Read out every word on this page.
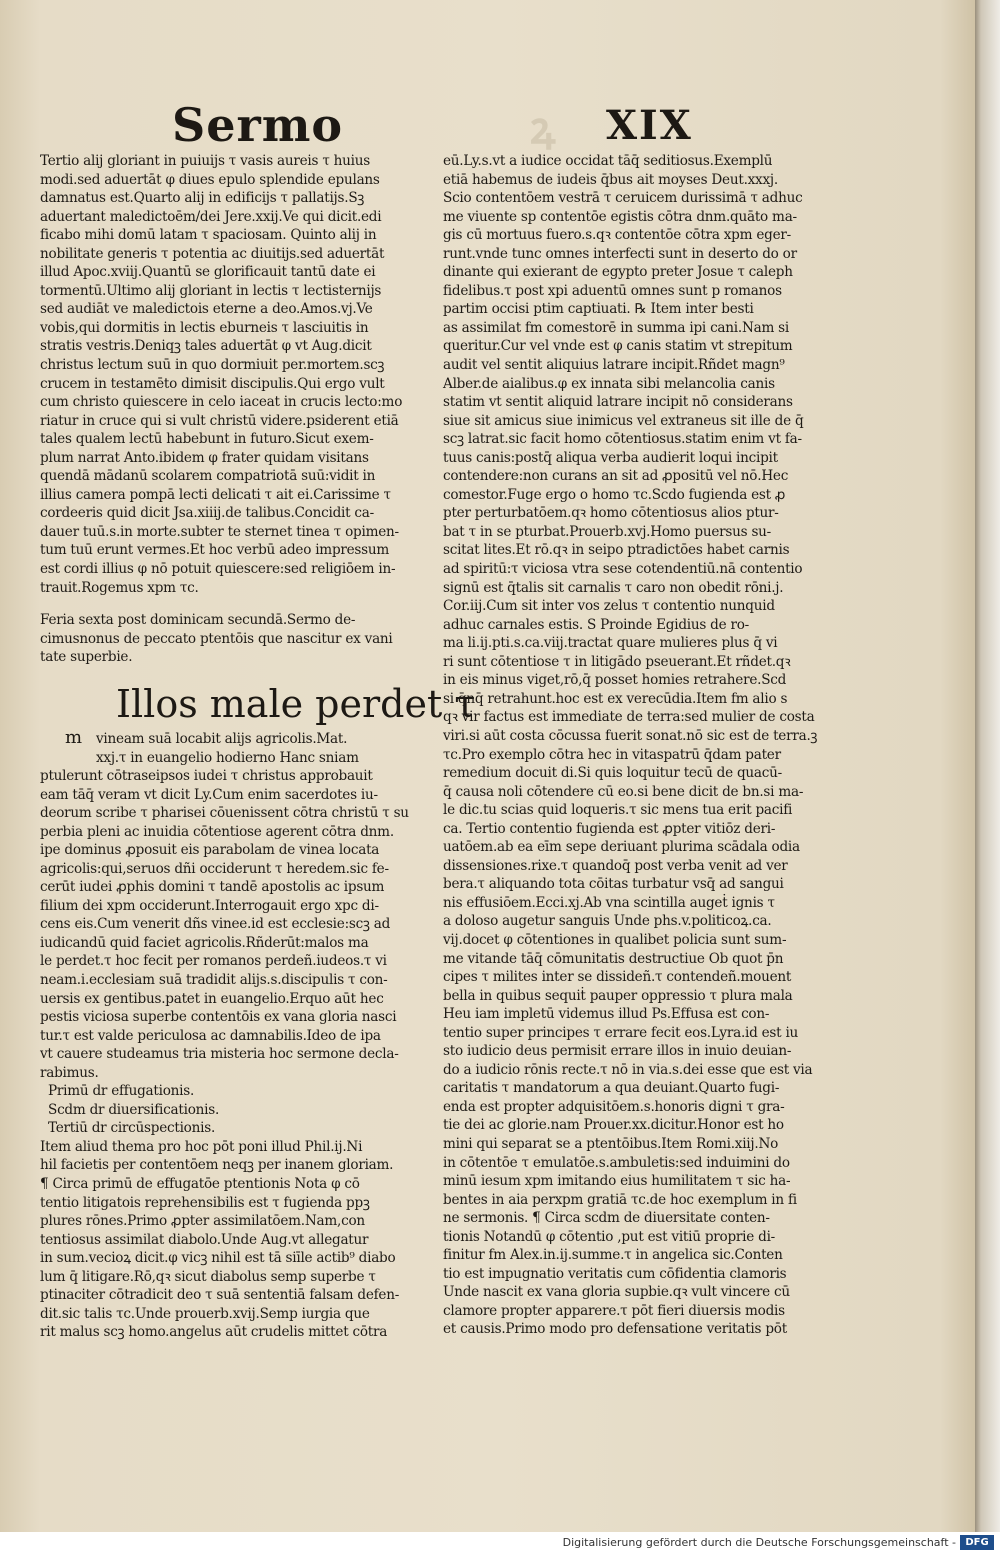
ꝝ
Sermo	XIX

Tertio alij gloriant in puiuijs τ vasis aureis τ huius

modi.sed aduertāt φ diues epulo splendide epulans

damnatus est.Quarto alij in edificijs τ pallatijs.Sꝫ

aduertant maledictoēm/dei Jere.xxij.Ve qui dicit.edi

ficabo mihi domū latam τ spaciosam. Quinto alij in

nobilitate generis τ potentia ac diuitijs.sed aduertāt

illud Apoc.xviij.Quantū se glorificauit tantū date ei

tormentū.Ultimo alij gloriant in lectis τ lectisternijs

sed audiāt ve maledictois eterne a deo.Amos.vj.Ve

vobis,qui dormitis in lectis eburneis τ lasciuitis in

stratis vestris.Deniqꝫ tales aduertāt φ vt Aug.dicit

christus lectum suū in quo dormiuit per.mortem.scꝫ

crucem in testamēto dimisit discipulis.Qui ergo vult

cum christo quiescere in celo iaceat in crucis lecto:mo

riatur in cruce qui si vult christū videre.psiderent etiā

tales qualem lectū habebunt in futuro.Sicut exem-

plum narrat Anto.ibidem φ frater quidam visitans

quendā mādanū scolarem compatriotā suū:vidit in

illius camera pompā lecti delicati τ ait ei.Carissime τ

cordeeris quid dicit Jsa.xiiij.de talibus.Concidit ca-

dauer tuū.s.in morte.subter te sternet tinea τ opimen-

tum tuū erunt vermes.Et hoc verbū adeo impressum

est cordi illius φ nō potuit quiescere:sed religiōem in-

trauit.Rogemus xpm τc.

Feria sexta post dominicam secundā.Sermo de-

cimusnonus de peccato ptentōis que nascitur ex vani

tate superbie.

Illos male perdet τ
m vineam suā locabit alijs agricolis.Mat.

xxj.τ in euangelio hodierno Hanc sniam

ptulerunt cōtraseipsos iudei τ christus approbauit

eam tāq̄ veram vt dicit Ly.Cum enim sacerdotes iu-

deorum scribe τ pharisei cōuenissent cōtra christū τ su

perbia pleni ac inuidia cōtentiose agerent cōtra dnm.

ipe dominus ꝓposuit eis parabolam de vinea locata

agricolis:qui,seruos dñi occiderunt τ heredem.sic fe-

cerūt iudei ꝓphis domini τ tandē apostolis ac ipsum

filium dei xpm occiderunt.Interrogauit ergo xpc di-

cens eis.Cum venerit dñs vinee.id est ecclesie:scꝫ ad

iudicandū quid faciet agricolis.Rñderūt:malos ma

le perdet.τ hoc fecit per romanos perdeñ.iudeos.τ vi

neam.i.ecclesiam suā tradidit alijs.s.discipulis τ con-

uersis ex gentibus.patet in euangelio.Erquo aūt hec

pestis viciosa superbe contentōis ex vana gloria nasci

tur.τ est valde periculosa ac damnabilis.Ideo de ipa

vt cauere studeamus tria misteria hoc sermone decla-

rabimus.

Primū dr effugationis.

Scdm dr diuersificationis.

Tertiū dr circūspectionis.

Item aliud thema pro hoc pōt poni illud Phil.ij.Ni

hil facietis per contentōem neqꝫ per inanem gloriam.

¶ Circa primū de effugatōe ptentionis Nota φ cō

tentio litigatois reprehensibilis est τ fugienda ppꝫ

plures rōnes.Primo ꝓpter assimilatōem.Nam,con

tentiosus assimilat diabolo.Unde Aug.vt allegatur

in sum.vecioꝝ dicit.φ vicꝫ nihil est tā siīle actib⁹ diabo

lum q̄ litigare.Rō,qꝛ sicut diabolus semp superbe τ

ptinaciter cōtradicit deo τ suā sententiā falsam defen-

dit.sic talis τc.Unde prouerb.xvij.Semp iurgia que

rit malus scꝫ homo.angelus aūt crudelis mittet cōtra

eū.Ly.s.vt a iudice occidat tāq̄ seditiosus.Exemplū

etiā habemus de iudeis q̄bus ait moyses Deut.xxxj.

Scio contentōem vestrā τ ceruicem durissimā τ adhuc

me viuente sp contentōe egistis cōtra dnm.quāto ma-

gis cū mortuus fuero.s.qꝛ contentōe cōtra xpm eger-

runt.vnde tunc omnes interfecti sunt in deserto do or

dinante qui exierant de egypto preter Josue τ caleph

fidelibus.τ post xpi aduentū omnes sunt p romanos

partim occisi ptim captiuati. ℞ Item inter besti

as assimilat fm comestorē in summa ipi cani.Nam si

queritur.Cur vel vnde est φ canis statim vt strepitum

audit vel sentit aliquius latrare incipit.Rñdet magn⁹

Alber.de aialibus.φ ex innata sibi melancolia canis

statim vt sentit aliquid latrare incipit nō considerans

siue sit amicus siue inimicus vel extraneus sit ille de q̄

scꝫ latrat.sic facit homo cōtentiosus.statim enim vt fa-

tuus canis:postq̄ aliqua verba audierit loqui incipit

contendere:non curans an sit ad ꝓpositū vel nō.Hec

comestor.Fuge ergo o homo τc.Scdo fugienda est ꝓ

pter perturbatōem.qꝛ homo cōtentiosus alios ptur-

bat τ in se pturbat.Prouerb.xvj.Homo puersus su-

scitat lites.Et rō.qꝛ in seipo ptradictōes habet carnis

ad spiritū:τ viciosa vtra sese cotendentiū.nā contentio

signū est q̄talis sit carnalis τ caro non obedit rōni.j.

Cor.iij.Cum sit inter vos zelus τ contentio nunquid

adhuc carnales estis. S Proinde Egidius de ro-

ma li.ij.pti.s.ca.viij.tractat quare mulieres plus q̄ vi

ri sunt cōtentiose τ in litigādo pseuerant.Et rñdet.qꝛ

in eis minus viget,rō,q̄ posset homies retrahere.Scd

si q̄nq̄ retrahunt.hoc est ex verecūdia.Item fm alio s

qꝛ vir factus est immediate de terra:sed mulier de costa

viri.si aūt costa cōcussa fuerit sonat.nō sic est de terra.ꝫ

τc.Pro exemplo cōtra hec in vitaspatrū q̄dam pater

remedium docuit di.Si quis loquitur tecū de quacū-

q̄ causa noli cōtendere cū eo.si bene dicit de bn.si ma-

le dic.tu scias quid loqueris.τ sic mens tua erit pacifi

ca. Tertio contentio fugienda est ꝓpter vitiōz deri-

uatōem.ab ea eīm sepe deriuant plurima scādala odia

dissensiones.rixe.τ quandoq̄ post verba venit ad ver

bera.τ aliquando tota cōitas turbatur vsq̄ ad sangui

nis effusiōem.Ecci.xj.Ab vna scintilla augeṫ ignis τ

a doloso augetur sanguis Unde phs.v.politicoꝝ.ca.

vij.docet φ cōtentiones in qualibet policia sunt sum-

me vitande tāq̄ cōmunitatis destructiue Ob quot p̄n

cipes τ milites inter se dissideñ.τ contendeñ.mouent

bella in quibus sequiṫ pauper oppressio τ plura mala

Heu iam impletū videmus illud Ps.Effusa est con-

tentio super principes τ errare fecit eos.Lyra.id est iu

sto iudicio deus permisit errare illos in inuio deuian-

do a iudicio rōnis recte.τ nō in via.s.dei esse que est via

caritatis τ mandatorum a qua deuiant.Quarto fugi-

enda est propter adquisitōem.s.honoris digni τ gra-

tie dei ac glorie.nam Prouer.xx.dicitur.Honor est ho

mini qui separat se a ptentōibus.Item Romi.xiij.No

in cōtentōe τ emulatōe.s.ambuletis:sed induimini do

minū iesum xpm imitando eius humilitatem τ sic ha-

bentes in aia perxpm gratiā τc.de hoc exemplum in fi

ne sermonis. ¶ Circa scdm de diuersitate conten-

tionis Notandū φ cōtentio ,put est vitiū proprie di-

finitur fm Alex.in.ij.summe.τ in angelica sic.Conten

tio est impugnatio veritatis cum cōfidentia clamoris

Unde nascit ex vana gloria supbie.qꝛ vult vincere cū

clamore propter apparere.τ pōt fieri diuersis modis

et causis.Primo modo pro defensatione veritatis pōt

Digitalisierung gefördert durch die Deutsche Forschungsgemeinschaft - DFG
